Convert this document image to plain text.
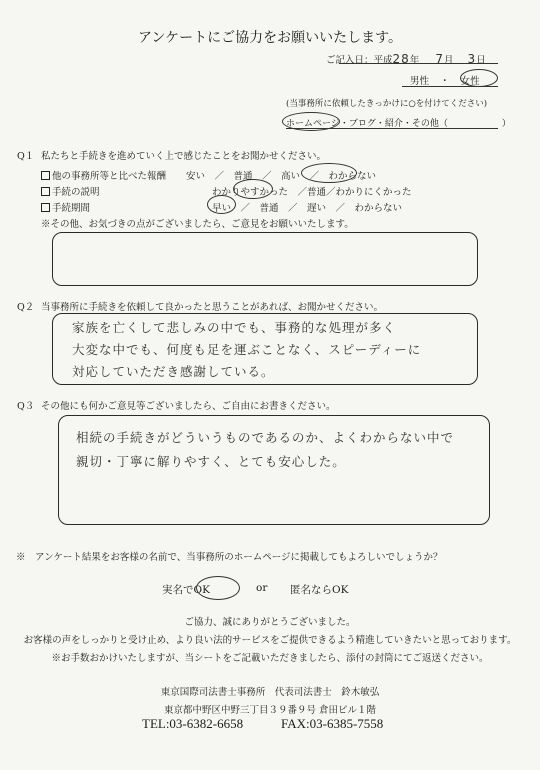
アンケートにご協力をお願いいたします。
ご記入日：平成28年 7月 3日
男性 ・ 女性
(当事務所に依頼したきっかけに○を付けてください)
ホームページ・ブログ・紹介・その他（　　　　　　）
Q１ 私たちと手続きを進めていく上で感じたことをお聞かせください。
他の事務所等と比べた報酬 安い　／　普通　／　高い　／　わからない
手続の説明	わかりやすかった　／普通／わかりにくかった
手続期間	早い　／　普通　／　遅い　／　わからない
※その他、お気づきの点がございましたら、ご意見をお願いいたします。
Q２ 当事務所に手続きを依頼して良かったと思うことがあれば、お聞かせください。
家族を亡くして悲しみの中でも、事務的な処理が多く
大変な中でも、何度も足を運ぶことなく、スピーディーに
対応していただき感謝している。
Q３ その他にも何かご意見等ございましたら、ご自由にお書きください。
相続の手続きがどういうものであるのか、よくわからない中で
親切・丁寧に解りやすく、とても安心した。
※　アンケート結果をお客様の名前で、当事務所のホームページに掲載してもよろしいでしょうか？
実名でOK	or 匿名ならOK
ご協力、誠にありがとうございました。
お客様の声をしっかりと受け止め、より良い法的サービスをご提供できるよう精進していきたいと思っております。
※お手数おかけいたしますが、当シートをご記載いただきましたら、添付の封筒にてご返送ください。
東京国際司法書士事務所　代表司法書士　鈴木敏弘
東京都中野区中野三丁目３９番９号 倉田ビル１階
TEL:03-6382-6658	FAX:03-6385-7558
